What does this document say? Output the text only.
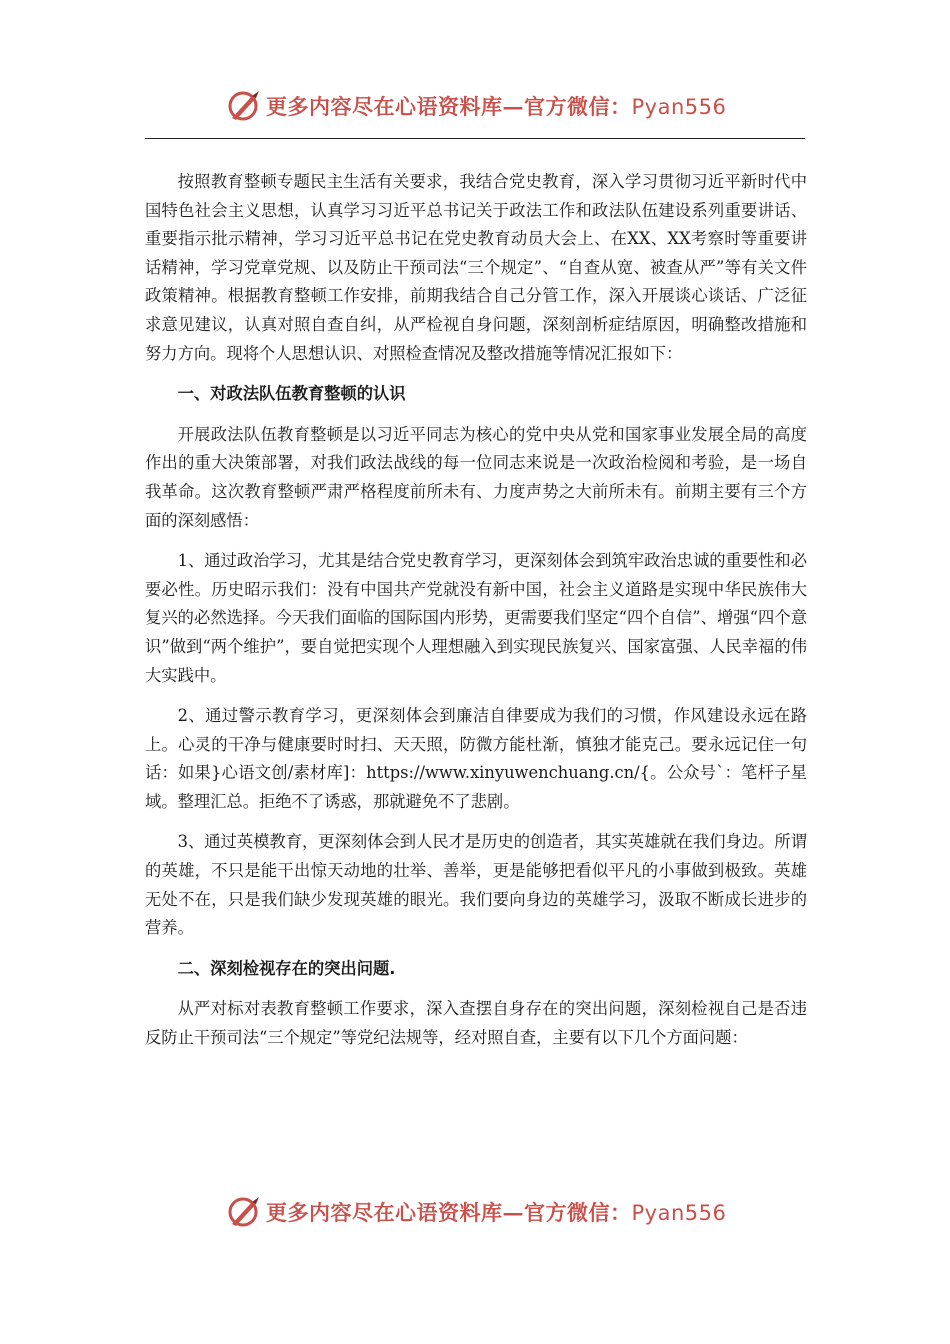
更多内容尽在心语资料库—官方微信：Pyan556

按照教育整顿专题民主生活有关要求，我结合党史教育，深入学习贯彻习近平新时代中国特色社会主义思想，认真学习习近平总书记关于政法工作和政法队伍建设系列重要讲话、重要指示批示精神，学习习近平总书记在党史教育动员大会上、在XX、XX考察时等重要讲话精神，学习党章党规、以及防止干预司法“三个规定”、“自查从宽、被查从严”等有关文件政策精神。根据教育整顿工作安排，前期我结合自己分管工作，深入开展谈心谈话、广泛征求意见建议，认真对照自查自纠，从严检视自身问题，深刻剖析症结原因，明确整改措施和努力方向。现将个人思想认识、对照检查情况及整改措施等情况汇报如下：

一、对政法队伍教育整顿的认识

开展政法队伍教育整顿是以习近平同志为核心的党中央从党和国家事业发展全局的高度作出的重大决策部署，对我们政法战线的每一位同志来说是一次政治检阅和考验，是一场自我革命。这次教育整顿严肃严格程度前所未有、力度声势之大前所未有。前期主要有三个方面的深刻感悟：

1、通过政治学习，尤其是结合党史教育学习，更深刻体会到筑牢政治忠诚的重要性和必要必性。历史昭示我们：没有中国共产党就没有新中国，社会主义道路是实现中华民族伟大复兴的必然选择。今天我们面临的国际国内形势，更需要我们坚定“四个自信”、增强“四个意识”做到“两个维护”，要自觉把实现个人理想融入到实现民族复兴、国家富强、人民幸福的伟大实践中。

2、通过警示教育学习，更深刻体会到廉洁自律要成为我们的习惯，作风建设永远在路上。心灵的干净与健康要时时扫、天天照，防微方能杜渐，慎独才能克己。要永远记住一句话：如果}心语文创/素材库]：https://www.xinyuwenchuang.cn/{。公众号`：笔杆子星域。整理汇总。拒绝不了诱惑，那就避免不了悲剧。

3、通过英模教育，更深刻体会到人民才是历史的创造者，其实英雄就在我们身边。所谓的英雄，不只是能干出惊天动地的壮举、善举，更是能够把看似平凡的小事做到极致。英雄无处不在，只是我们缺少发现英雄的眼光。我们要向身边的英雄学习，汲取不断成长进步的营养。

二、深刻检视存在的突出问题.

从严对标对表教育整顿工作要求，深入查摆自身存在的突出问题，深刻检视自己是否违反防止干预司法“三个规定”等党纪法规等，经对照自查，主要有以下几个方面问题：

更多内容尽在心语资料库—官方微信：Pyan556
